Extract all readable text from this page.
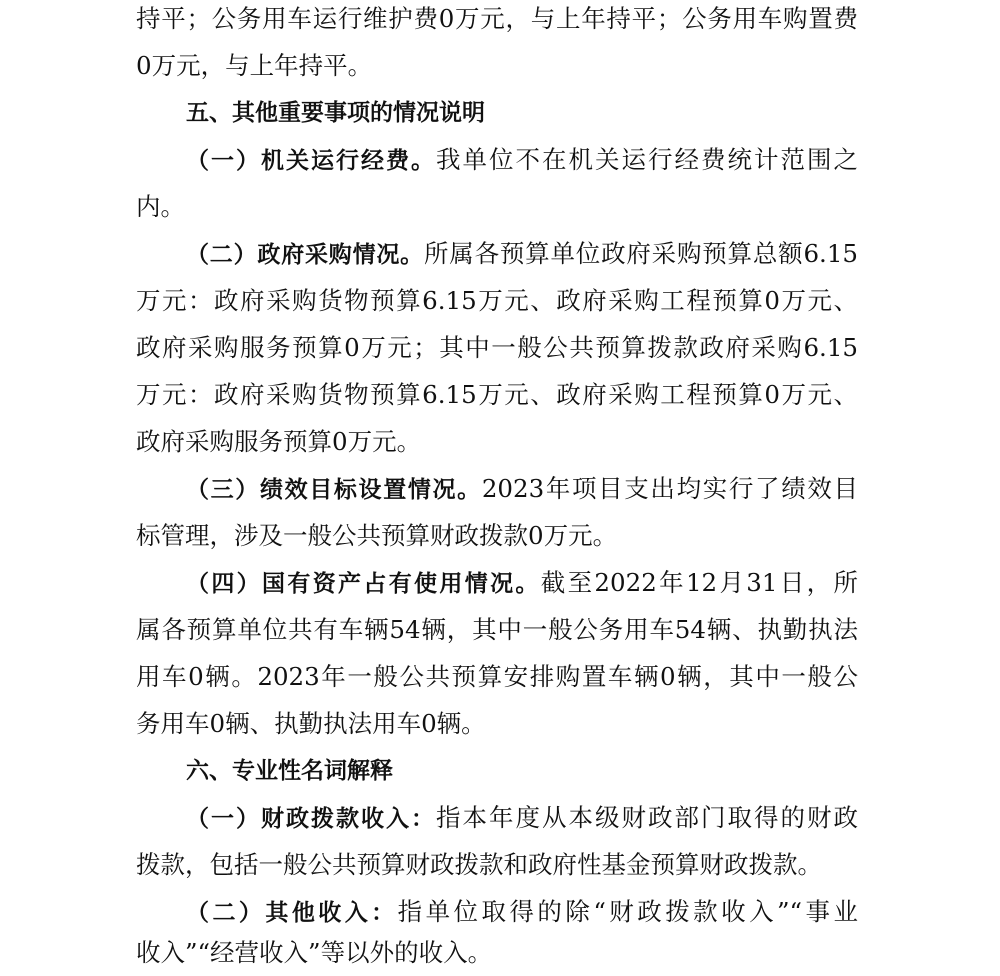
持平；公务用车运行维护费0万元，与上年持平；公务用车购置费
0万元，与上年持平。
五、其他重要事项的情况说明
（一）机关运行经费。我单位不在机关运行经费统计范围之
内。
（二）政府采购情况。所属各预算单位政府采购预算总额6.15
万元：政府采购货物预算6.15万元、政府采购工程预算0万元、
政府采购服务预算0万元；其中一般公共预算拨款政府采购6.15
万元：政府采购货物预算6.15万元、政府采购工程预算0万元、
政府采购服务预算0万元。
（三）绩效目标设置情况。2023年项目支出均实行了绩效目
标管理，涉及一般公共预算财政拨款0万元。
（四）国有资产占有使用情况。截至2022年12月31日，所
属各预算单位共有车辆54辆，其中一般公务用车54辆、执勤执法
用车0辆。2023年一般公共预算安排购置车辆0辆，其中一般公
务用车0辆、执勤执法用车0辆。
六、专业性名词解释
（一）财政拨款收入：指本年度从本级财政部门取得的财政
拨款，包括一般公共预算财政拨款和政府性基金预算财政拨款。
（二）其他收入：指单位取得的除“财政拨款收入”“事业
收入”“经营收入”等以外的收入。
